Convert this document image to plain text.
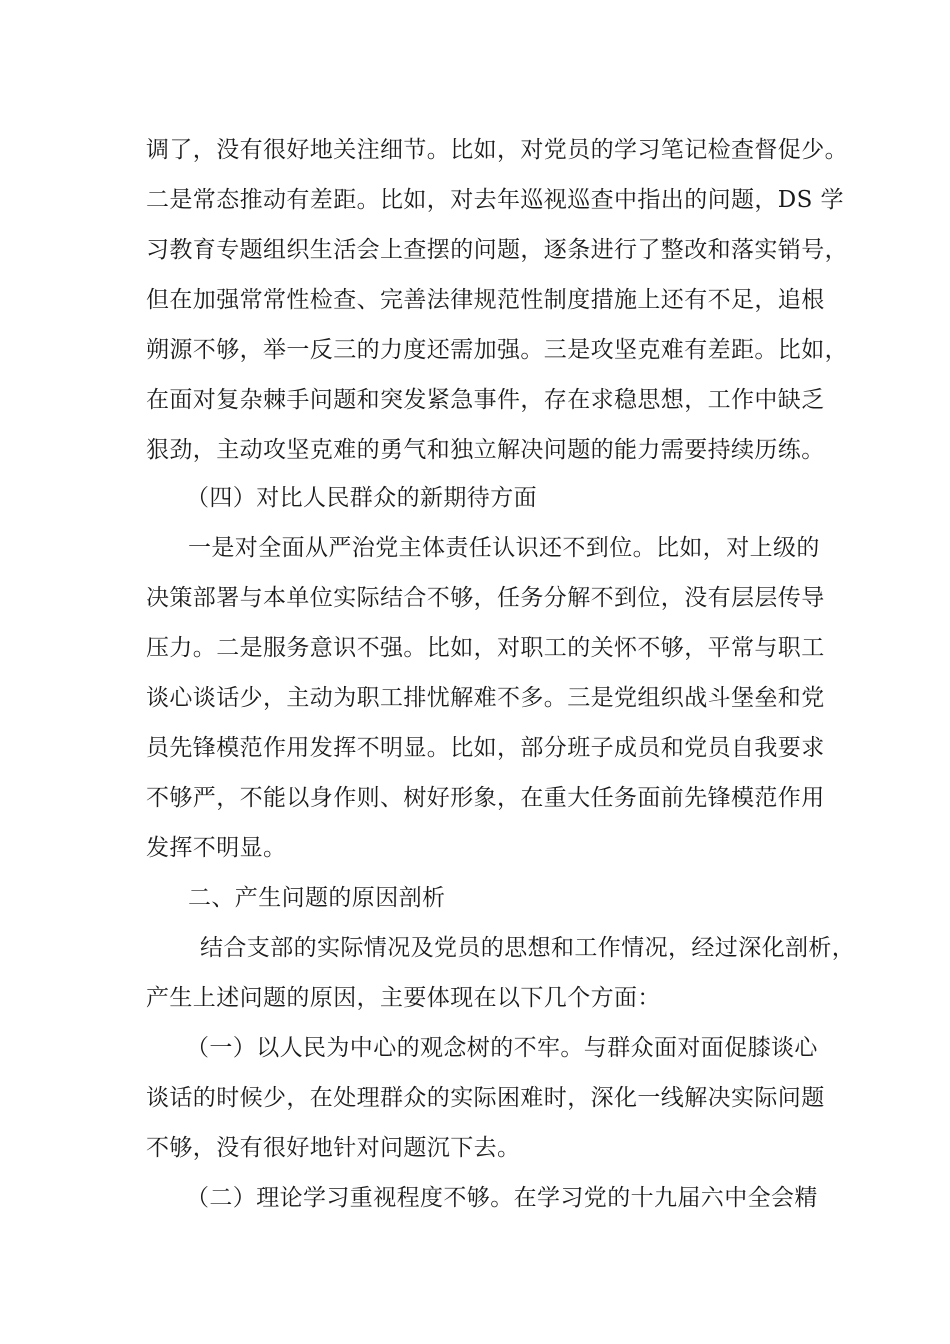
调了，没有很好地关注细节。比如，对党员的学习笔记检查督促少。
二是常态推动有差距。比如，对去年巡视巡查中指出的问题，DS 学
习教育专题组织生活会上查摆的问题，逐条进行了整改和落实销号，
但在加强常常性检查、完善法律规范性制度措施上还有不足，追根
朔源不够，举一反三的力度还需加强。三是攻坚克难有差距。比如，
在面对复杂棘手问题和突发紧急事件，存在求稳思想，工作中缺乏
狠劲，主动攻坚克难的勇气和独立解决问题的能力需要持续历练。
（四）对比人民群众的新期待方面
一是对全面从严治党主体责任认识还不到位。比如，对上级的
决策部署与本单位实际结合不够，任务分解不到位，没有层层传导
压力。二是服务意识不强。比如，对职工的关怀不够，平常与职工
谈心谈话少，主动为职工排忧解难不多。三是党组织战斗堡垒和党
员先锋模范作用发挥不明显。比如，部分班子成员和党员自我要求
不够严，不能以身作则、树好形象，在重大任务面前先锋模范作用
发挥不明显。
二、产生问题的原因剖析
结合支部的实际情况及党员的思想和工作情况，经过深化剖析，
产生上述问题的原因，主要体现在以下几个方面：
（一）以人民为中心的观念树的不牢。与群众面对面促膝谈心
谈话的时候少，在处理群众的实际困难时，深化一线解决实际问题
不够，没有很好地针对问题沉下去。
（二）理论学习重视程度不够。在学习党的十九届六中全会精
